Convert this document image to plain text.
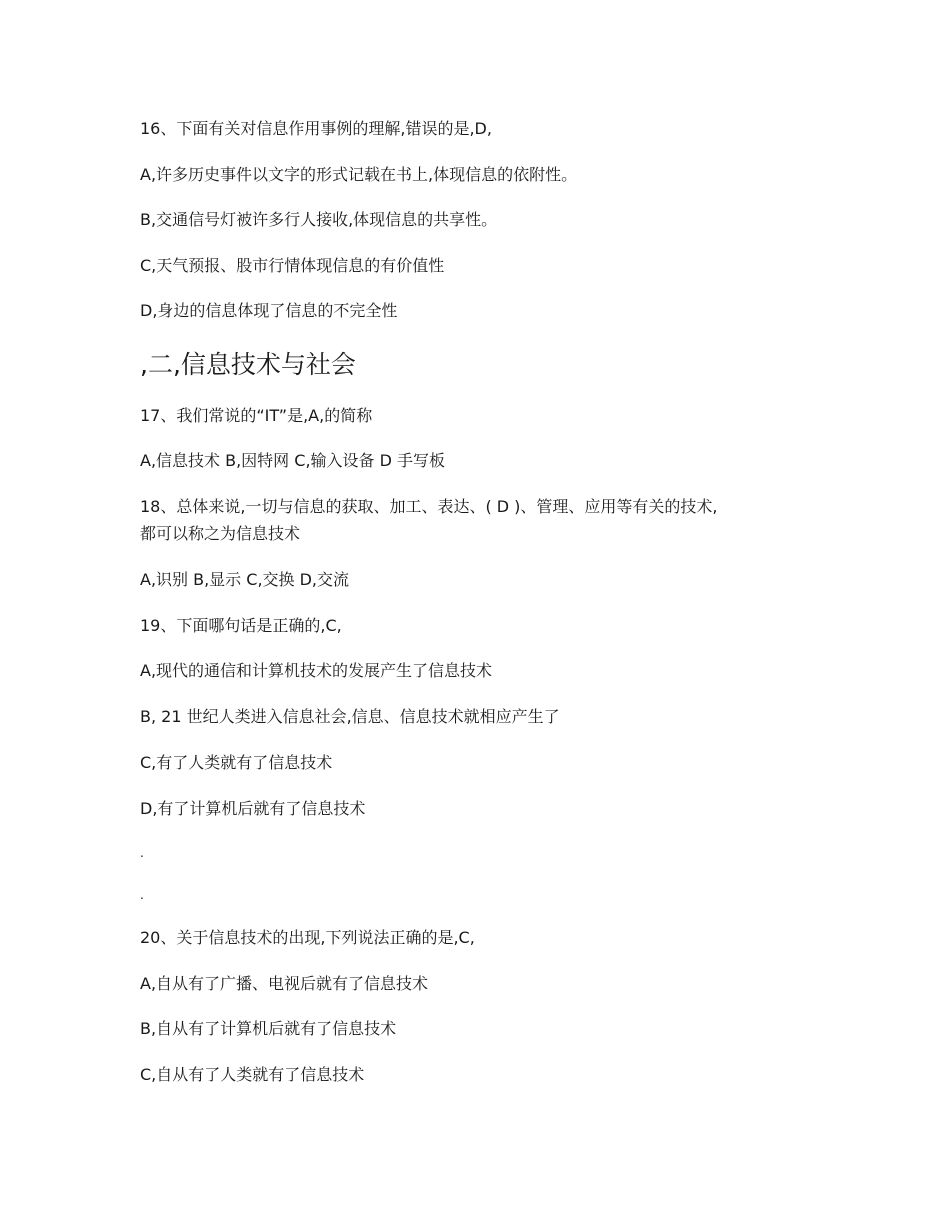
16、下面有关对信息作用事例的理解,错误的是,D,

A,许多历史事件以文字的形式记载在书上,体现信息的依附性。

B,交通信号灯被许多行人接收,体现信息的共享性。

C,天气预报、股市行情体现信息的有价值性

D,身边的信息体现了信息的不完全性

,二,信息技术与社会

17、我们常说的“IT”是,A,的简称

A,信息技术 B,因特网 C,输入设备 D 手写板

18、总体来说,一切与信息的获取、加工、表达、( D )、管理、应用等有关的技术,

都可以称之为信息技术

A,识别 B,显示 C,交换 D,交流

19、下面哪句话是正确的,C,

A,现代的通信和计算机技术的发展产生了信息技术

B, 21 世纪人类进入信息社会,信息、信息技术就相应产生了

C,有了人类就有了信息技术

D,有了计算机后就有了信息技术

.

.

20、关于信息技术的出现,下列说法正确的是,C,

A,自从有了广播、电视后就有了信息技术

B,自从有了计算机后就有了信息技术

C,自从有了人类就有了信息技术
